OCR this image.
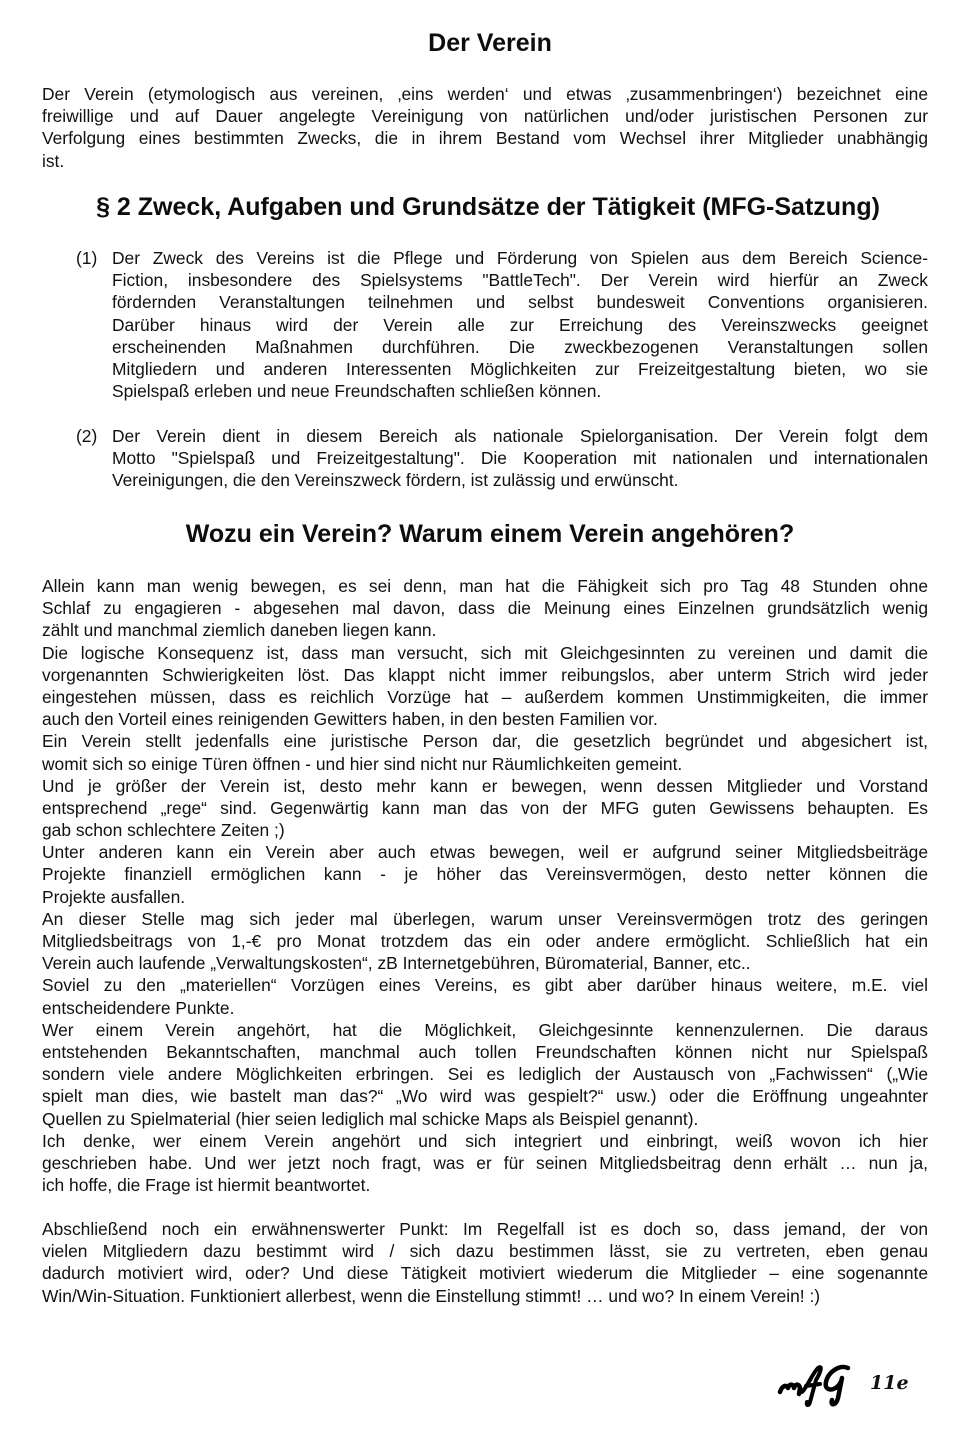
Der Verein
Der Verein (etymologisch aus vereinen, ‚eins werden‘ und etwas ‚zusammenbringen‘) bezeichnet eine
freiwillige und auf Dauer angelegte Vereinigung von natürlichen und/oder juristischen Personen zur
Verfolgung eines bestimmten Zwecks, die in ihrem Bestand vom Wechsel ihrer Mitglieder unabhängig
ist.
§ 2 Zweck, Aufgaben und Grundsätze der Tätigkeit (MFG-Satzung)
(1) Der Zweck des Vereins ist die Pflege und Förderung von Spielen aus dem Bereich Science-
Fiction, insbesondere des Spielsystems "BattleTech". Der Verein wird hierfür an Zweck
fördernden Veranstaltungen teilnehmen und selbst bundesweit Conventions organisieren.
Darüber hinaus wird der Verein alle zur Erreichung des Vereinszwecks geeignet
erscheinenden Maßnahmen durchführen. Die zweckbezogenen Veranstaltungen sollen
Mitgliedern und anderen Interessenten Möglichkeiten zur Freizeitgestaltung bieten, wo sie
Spielspaß erleben und neue Freundschaften schließen können.
(2) Der Verein dient in diesem Bereich als nationale Spielorganisation. Der Verein folgt dem
Motto "Spielspaß und Freizeitgestaltung". Die Kooperation mit nationalen und internationalen
Vereinigungen, die den Vereinszweck fördern, ist zulässig und erwünscht.
Wozu ein Verein? Warum einem Verein angehören?
Allein kann man wenig bewegen, es sei denn, man hat die Fähigkeit sich pro Tag 48 Stunden ohne
Schlaf zu engagieren - abgesehen mal davon, dass die Meinung eines Einzelnen grundsätzlich wenig
zählt und manchmal ziemlich daneben liegen kann.
Die logische Konsequenz ist, dass man versucht, sich mit Gleichgesinnten zu vereinen und damit die
vorgenannten Schwierigkeiten löst. Das klappt nicht immer reibungslos, aber unterm Strich wird jeder
eingestehen müssen, dass es reichlich Vorzüge hat – außerdem kommen Unstimmigkeiten, die immer
auch den Vorteil eines reinigenden Gewitters haben, in den besten Familien vor.
Ein Verein stellt jedenfalls eine juristische Person dar, die gesetzlich begründet und abgesichert ist,
womit sich so einige Türen öffnen - und hier sind nicht nur Räumlichkeiten gemeint.
Und je größer der Verein ist, desto mehr kann er bewegen, wenn dessen Mitglieder und Vorstand
entsprechend „rege“ sind. Gegenwärtig kann man das von der MFG guten Gewissens behaupten. Es
gab schon schlechtere Zeiten ;)
Unter anderen kann ein Verein aber auch etwas bewegen, weil er aufgrund seiner Mitgliedsbeiträge
Projekte finanziell ermöglichen kann - je höher das Vereinsvermögen, desto netter können die
Projekte ausfallen.
An dieser Stelle mag sich jeder mal überlegen, warum unser Vereinsvermögen trotz des geringen
Mitgliedsbeitrags von 1,-€ pro Monat trotzdem das ein oder andere ermöglicht. Schließlich hat ein
Verein auch laufende „Verwaltungskosten“, zB Internetgebühren, Büromaterial, Banner, etc..
Soviel zu den „materiellen“ Vorzügen eines Vereins, es gibt aber darüber hinaus weitere, m.E. viel
entscheidendere Punkte.
Wer einem Verein angehört, hat die Möglichkeit, Gleichgesinnte kennenzulernen. Die daraus
entstehenden Bekanntschaften, manchmal auch tollen Freundschaften können nicht nur Spielspaß
sondern viele andere Möglichkeiten erbringen. Sei es lediglich der Austausch von „Fachwissen“ („Wie
spielt man dies, wie bastelt man das?“ „Wo wird was gespielt?“ usw.) oder die Eröffnung ungeahnter
Quellen zu Spielmaterial (hier seien lediglich mal schicke Maps als Beispiel genannt).
Ich denke, wer einem Verein angehört und sich integriert und einbringt, weiß wovon ich hier
geschrieben habe. Und wer jetzt noch fragt, was er für seinen Mitgliedsbeitrag denn erhält … nun ja,
ich hoffe, die Frage ist hiermit beantwortet.
Abschließend noch ein erwähnenswerter Punkt: Im Regelfall ist es doch so, dass jemand, der von
vielen Mitgliedern dazu bestimmt wird / sich dazu bestimmen lässt, sie zu vertreten, eben genau
dadurch motiviert wird, oder? Und diese Tätigkeit motiviert wiederum die Mitglieder – eine sogenannte
Win/Win-Situation. Funktioniert allerbest, wenn die Einstellung stimmt! … und wo? In einem Verein! :)
11e
